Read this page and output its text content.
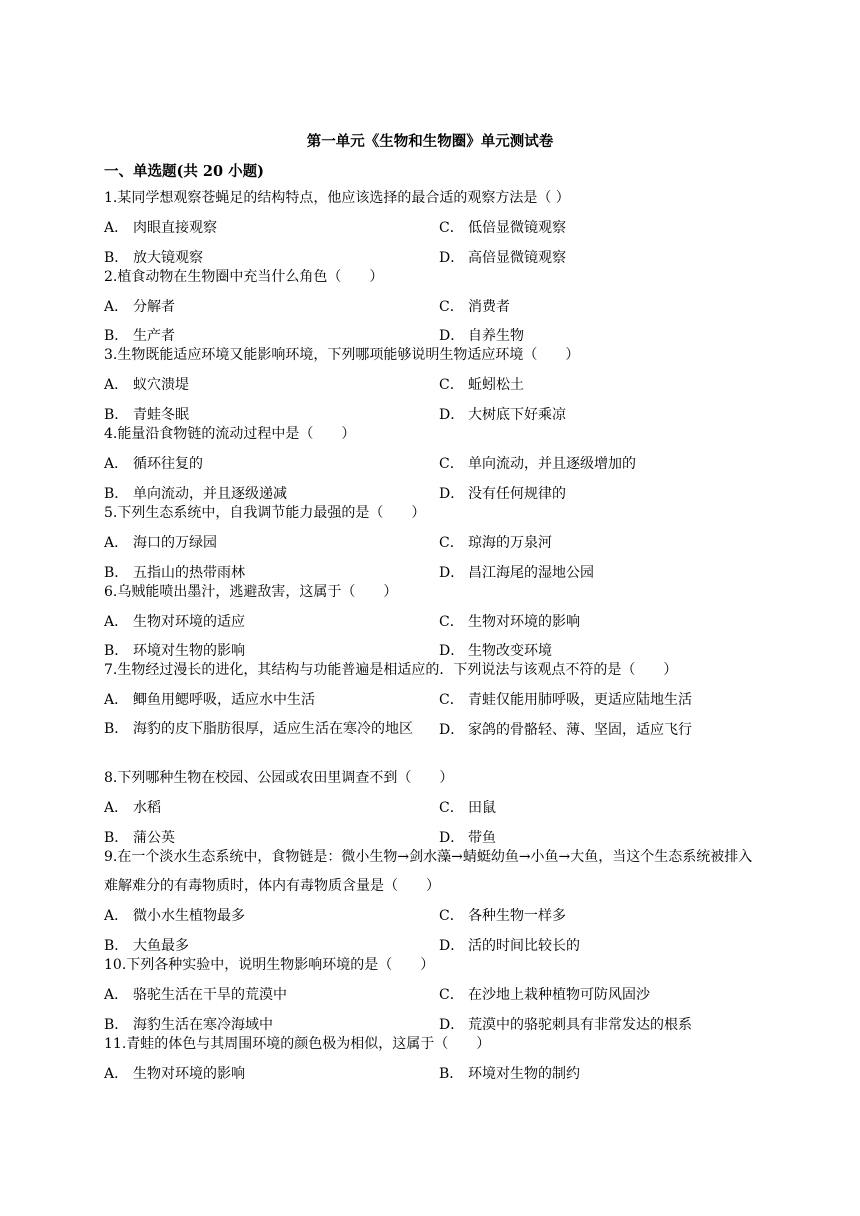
第一单元《生物和生物圈》单元测试卷
一、单选题(共 20 小题)
1.某同学想观察苍蝇足的结构特点，他应该选择的最合适的观察方法是（ ）
A． 肉眼直接观察	C． 低倍显微镜观察
B． 放大镜观察	D． 高倍显微镜观察
2.植食动物在生物圈中充当什么角色（　　）
A． 分解者	C． 消费者
B． 生产者	D． 自养生物
3.生物既能适应环境又能影响环境，下列哪项能够说明生物适应环境（　　）
A． 蚁穴溃堤	C． 蚯蚓松土
B． 青蛙冬眠	D． 大树底下好乘凉
4.能量沿食物链的流动过程中是（　　）
A． 循环往复的	C． 单向流动，并且逐级增加的
B． 单向流动，并且逐级递减	D． 没有任何规律的
5.下列生态系统中，自我调节能力最强的是（　　）
A． 海口的万绿园	C． 琼海的万泉河
B． 五指山的热带雨林	D． 昌江海尾的湿地公园
6.乌贼能喷出墨汁，逃避敌害，这属于（　　）
A． 生物对环境的适应	C． 生物对环境的影响
B． 环境对生物的影响	D． 生物改变环境
7.生物经过漫长的进化，其结构与功能普遍是相适应的．下列说法与该观点不符的是（　　）
A． 鲫鱼用鳃呼吸，适应水中生活	C． 青蛙仅能用肺呼吸，更适应陆地生活
B． 海豹的皮下脂肪很厚，适应生活在寒冷的地区	D． 家鸽的骨骼轻、薄、坚固，适应飞行
8.下列哪种生物在校园、公园或农田里调查不到（　　）
A． 水稻	C． 田鼠
B． 蒲公英	D． 带鱼
9.在一个淡水生态系统中，食物链是：微小生物→剑水藻→蜻蜓幼鱼→小鱼→大鱼，当这个生态系统被排入难解难分的有毒物质时，体内有毒物质含量是（　　）
A． 微小水生植物最多	C． 各种生物一样多
B． 大鱼最多	D． 活的时间比较长的
10.下列各种实验中，说明生物影响环境的是（　　）
A． 骆驼生活在干旱的荒漠中	C． 在沙地上栽种植物可防风固沙
B． 海豹生活在寒冷海域中	D． 荒漠中的骆驼刺具有非常发达的根系
11.青蛙的体色与其周围环境的颜色极为相似，这属于（　　）
A． 生物对环境的影响	B． 环境对生物的制约
